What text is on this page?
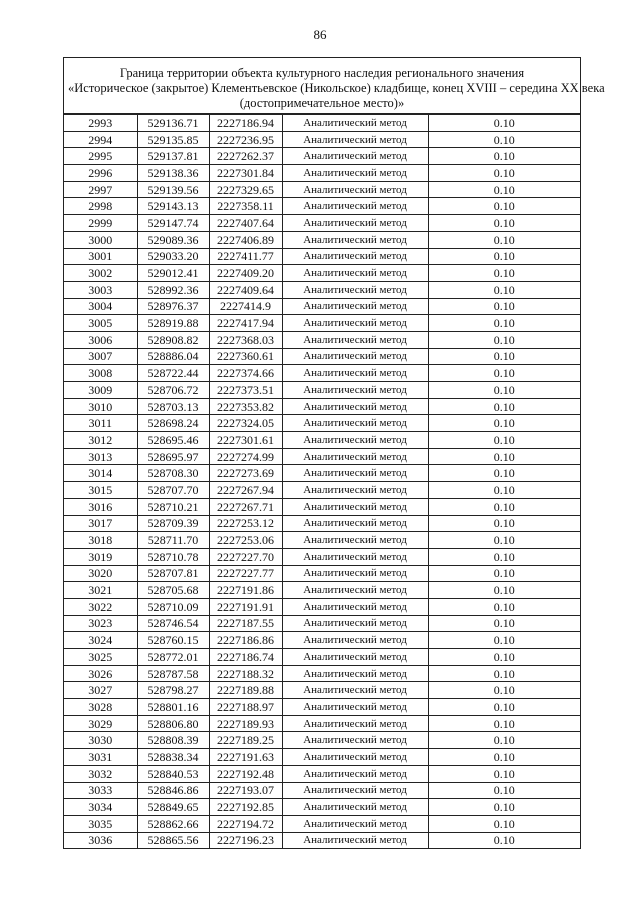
86
Граница территории объекта культурного наследия регионального значения
«Историческое (закрытое) Клементьевское (Никольское) кладбище, конец XVIII – середина XX века
(достопримечательное место)»
2993	529136.71	2227186.94	Аналитический метод	0.10
2994	529135.85	2227236.95	Аналитический метод	0.10
2995	529137.81	2227262.37	Аналитический метод	0.10
2996	529138.36	2227301.84	Аналитический метод	0.10
2997	529139.56	2227329.65	Аналитический метод	0.10
2998	529143.13	2227358.11	Аналитический метод	0.10
2999	529147.74	2227407.64	Аналитический метод	0.10
3000	529089.36	2227406.89	Аналитический метод	0.10
3001	529033.20	2227411.77	Аналитический метод	0.10
3002	529012.41	2227409.20	Аналитический метод	0.10
3003	528992.36	2227409.64	Аналитический метод	0.10
3004	528976.37	2227414.9	Аналитический метод	0.10
3005	528919.88	2227417.94	Аналитический метод	0.10
3006	528908.82	2227368.03	Аналитический метод	0.10
3007	528886.04	2227360.61	Аналитический метод	0.10
3008	528722.44	2227374.66	Аналитический метод	0.10
3009	528706.72	2227373.51	Аналитический метод	0.10
3010	528703.13	2227353.82	Аналитический метод	0.10
3011	528698.24	2227324.05	Аналитический метод	0.10
3012	528695.46	2227301.61	Аналитический метод	0.10
3013	528695.97	2227274.99	Аналитический метод	0.10
3014	528708.30	2227273.69	Аналитический метод	0.10
3015	528707.70	2227267.94	Аналитический метод	0.10
3016	528710.21	2227267.71	Аналитический метод	0.10
3017	528709.39	2227253.12	Аналитический метод	0.10
3018	528711.70	2227253.06	Аналитический метод	0.10
3019	528710.78	2227227.70	Аналитический метод	0.10
3020	528707.81	2227227.77	Аналитический метод	0.10
3021	528705.68	2227191.86	Аналитический метод	0.10
3022	528710.09	2227191.91	Аналитический метод	0.10
3023	528746.54	2227187.55	Аналитический метод	0.10
3024	528760.15	2227186.86	Аналитический метод	0.10
3025	528772.01	2227186.74	Аналитический метод	0.10
3026	528787.58	2227188.32	Аналитический метод	0.10
3027	528798.27	2227189.88	Аналитический метод	0.10
3028	528801.16	2227188.97	Аналитический метод	0.10
3029	528806.80	2227189.93	Аналитический метод	0.10
3030	528808.39	2227189.25	Аналитический метод	0.10
3031	528838.34	2227191.63	Аналитический метод	0.10
3032	528840.53	2227192.48	Аналитический метод	0.10
3033	528846.86	2227193.07	Аналитический метод	0.10
3034	528849.65	2227192.85	Аналитический метод	0.10
3035	528862.66	2227194.72	Аналитический метод	0.10
3036	528865.56	2227196.23	Аналитический метод	0.10
